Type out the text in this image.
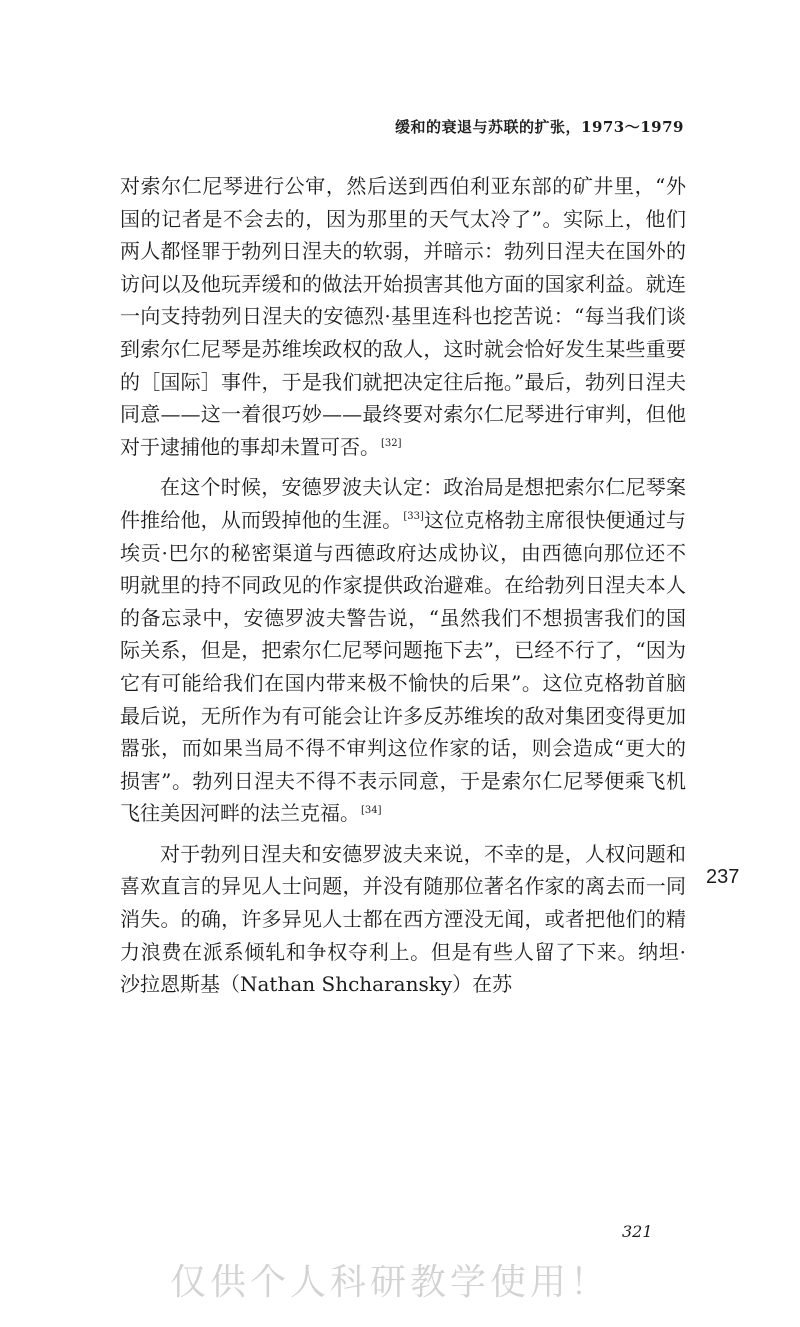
缓和的衰退与苏联的扩张，1973～1979

对索尔仁尼琴进行公审，然后送到西伯利亚东部的矿井里，“外国的记者是不会去的，因为那里的天气太冷了”。实际上，他们两人都怪罪于勃列日涅夫的软弱，并暗示：勃列日涅夫在国外的访问以及他玩弄缓和的做法开始损害其他方面的国家利益。就连一向支持勃列日涅夫的安德烈·基里连科也挖苦说：“每当我们谈到索尔仁尼琴是苏维埃政权的敌人，这时就会恰好发生某些重要的［国际］事件，于是我们就把决定往后拖。”最后，勃列日涅夫同意——这一着很巧妙——最终要对索尔仁尼琴进行审判，但他对于逮捕他的事却未置可否。[32]

在这个时候，安德罗波夫认定：政治局是想把索尔仁尼琴案件推给他，从而毁掉他的生涯。[33]这位克格勃主席很快便通过与埃贡·巴尔的秘密渠道与西德政府达成协议，由西德向那位还不明就里的持不同政见的作家提供政治避难。在给勃列日涅夫本人的备忘录中，安德罗波夫警告说，“虽然我们不想损害我们的国际关系，但是，把索尔仁尼琴问题拖下去”，已经不行了，“因为它有可能给我们在国内带来极不愉快的后果”。这位克格勃首脑最后说，无所作为有可能会让许多反苏维埃的敌对集团变得更加嚣张，而如果当局不得不审判这位作家的话，则会造成“更大的损害”。勃列日涅夫不得不表示同意，于是索尔仁尼琴便乘飞机飞往美因河畔的法兰克福。[34]

对于勃列日涅夫和安德罗波夫来说，不幸的是，人权问题和喜欢直言的异见人士问题，并没有随那位著名作家的离去而一同消失。的确，许多异见人士都在西方湮没无闻，或者把他们的精力浪费在派系倾轧和争权夺利上。但是有些人留了下来。纳坦·沙拉恩斯基（Nathan Shcharansky）在苏

237
321
仅供个人科研教学使用！
